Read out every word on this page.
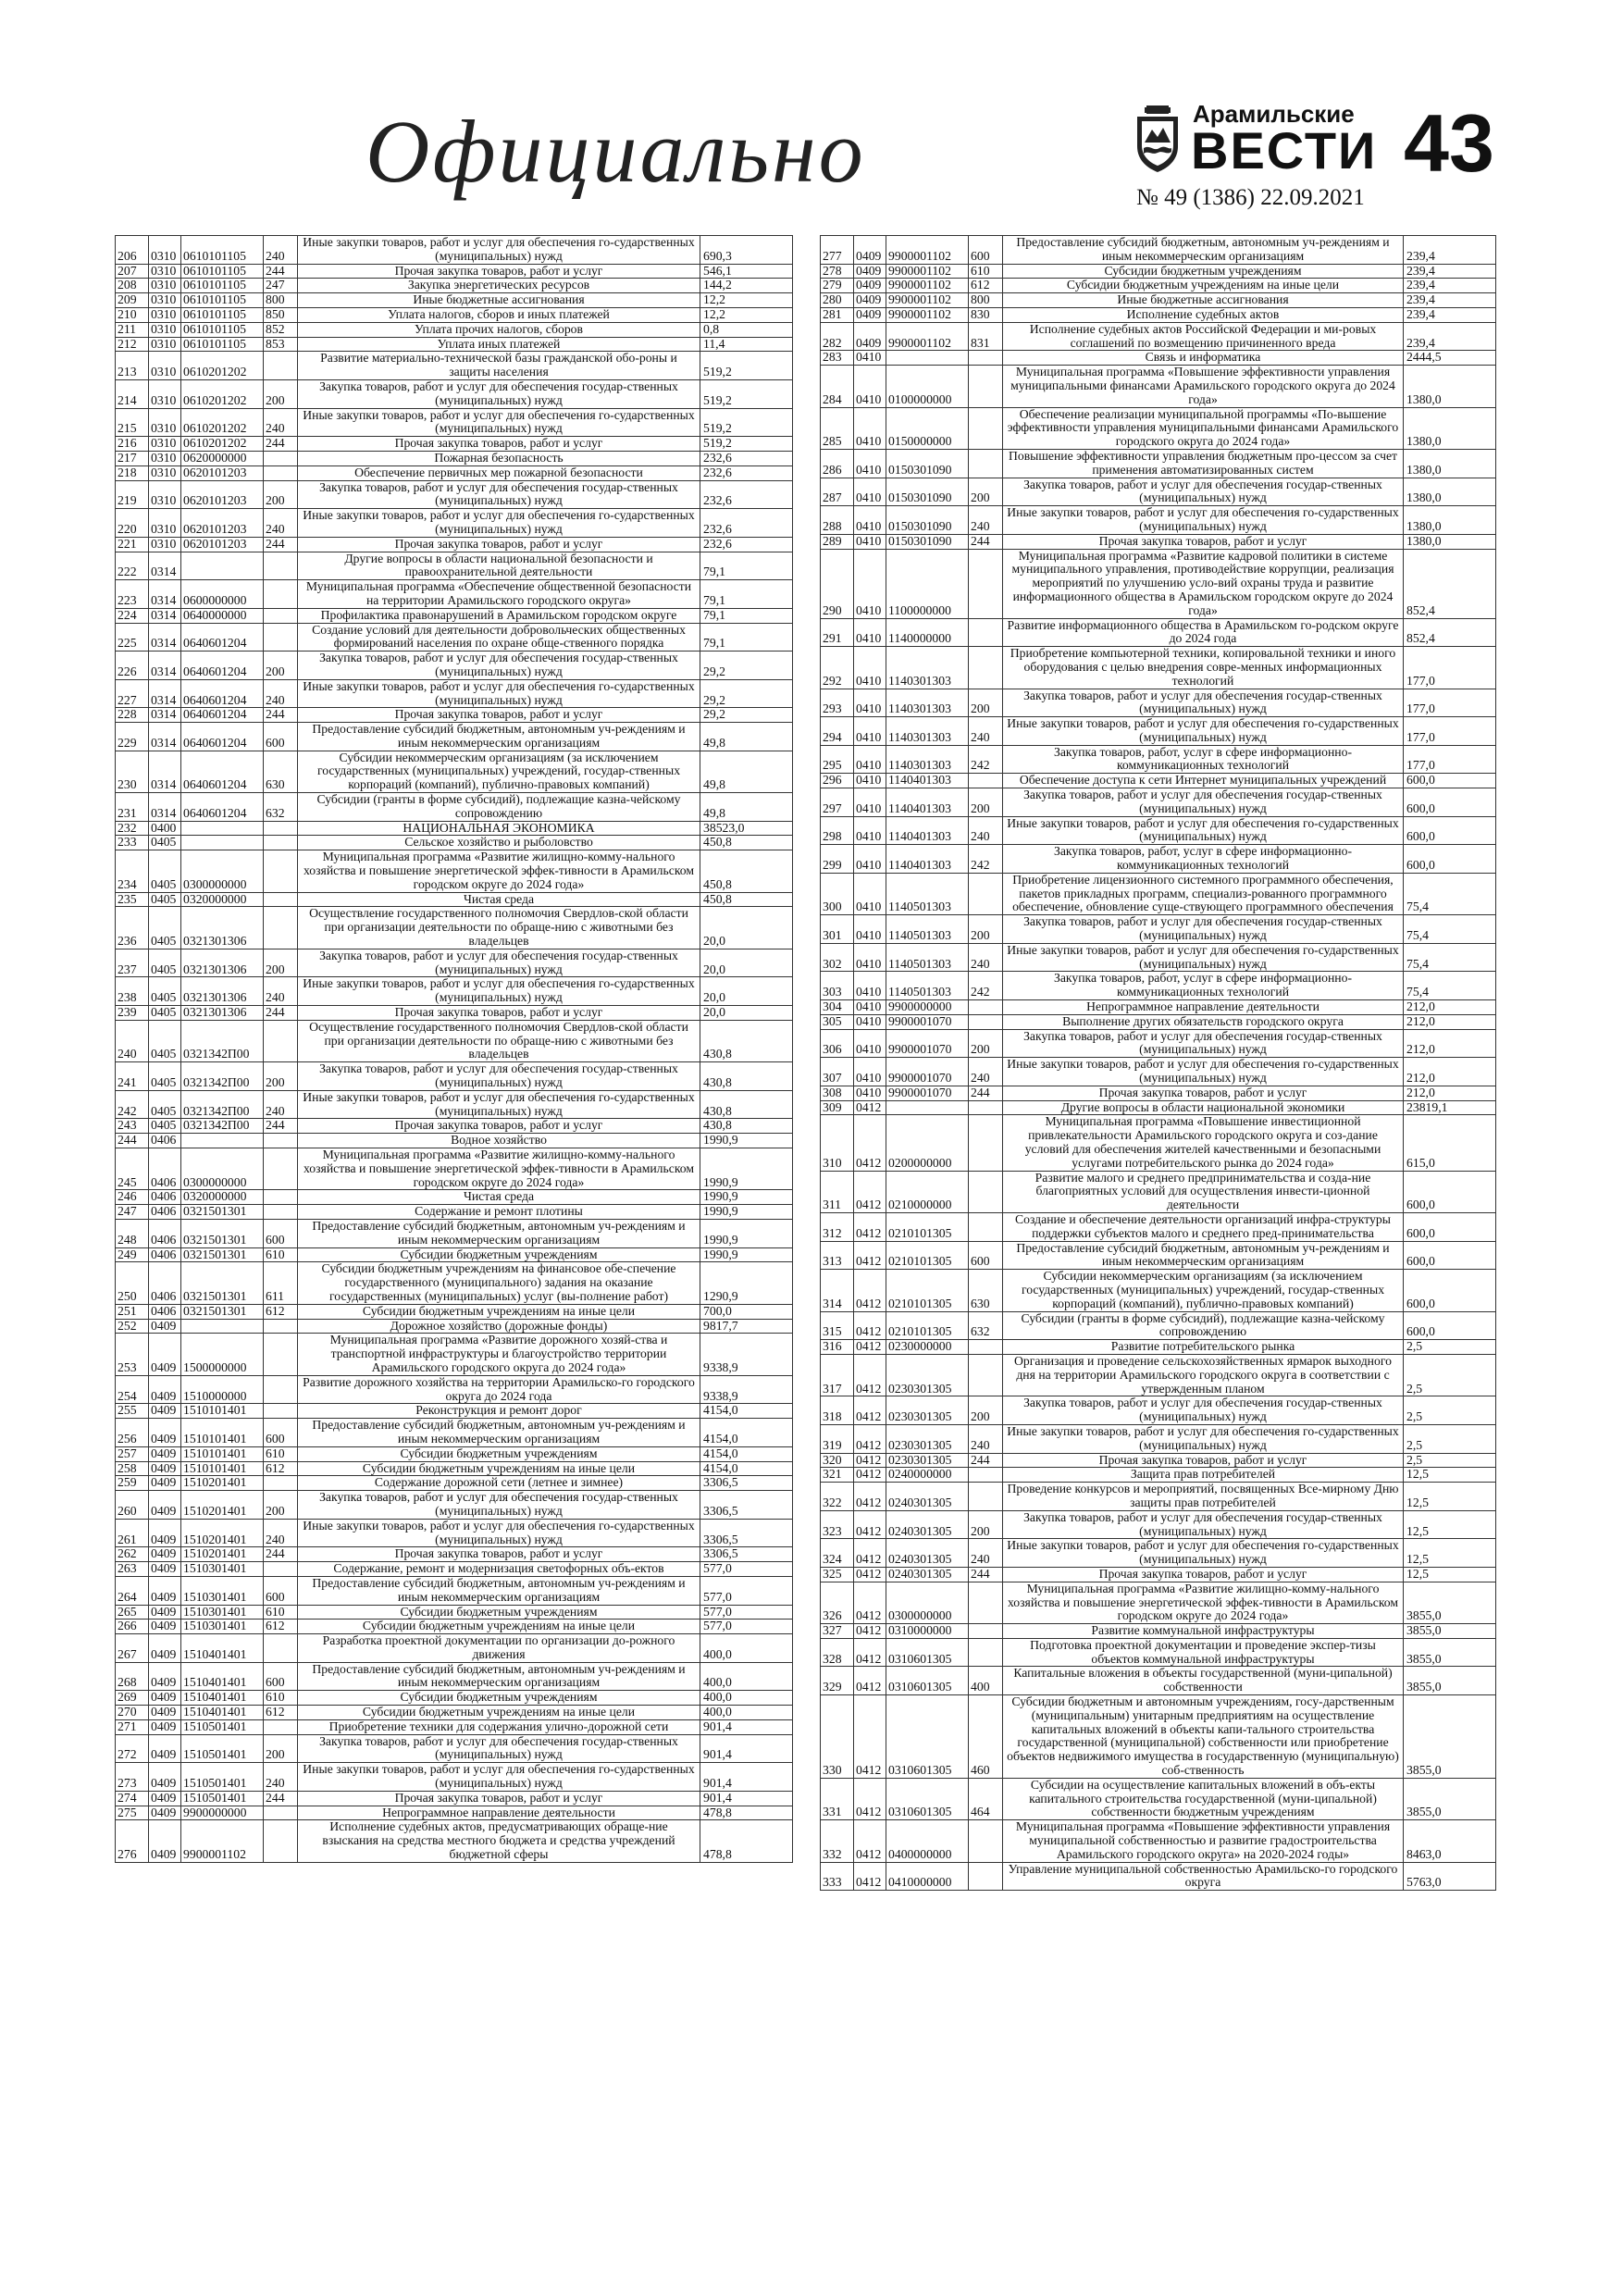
Официально	Арамильские
ВЕСТИ
№ 49 (1386) 22.09.2021
43
206	0310	0610101105	240	Иные закупки товаров, работ и услуг для обеспечения го-сударственных (муниципальных) нужд	690,3
207	0310	0610101105	244	Прочая закупка товаров, работ и услуг	546,1
208	0310	0610101105	247	Закупка энергетических ресурсов	144,2
209	0310	0610101105	800	Иные бюджетные ассигнования	12,2
210	0310	0610101105	850	Уплата налогов, сборов и иных платежей	12,2
211	0310	0610101105	852	Уплата прочих налогов, сборов	0,8
212	0310	0610101105	853	Уплата иных платежей	11,4
213	0310	0610201202		Развитие материально-технической базы гражданской обо-роны и защиты населения	519,2
214	0310	0610201202	200	Закупка товаров, работ и услуг для обеспечения государ-ственных (муниципальных) нужд	519,2
215	0310	0610201202	240	Иные закупки товаров, работ и услуг для обеспечения го-сударственных (муниципальных) нужд	519,2
216	0310	0610201202	244	Прочая закупка товаров, работ и услуг	519,2
217	0310	0620000000		Пожарная безопасность	232,6
218	0310	0620101203		Обеспечение первичных мер пожарной безопасности	232,6
219	0310	0620101203	200	Закупка товаров, работ и услуг для обеспечения государ-ственных (муниципальных) нужд	232,6
220	0310	0620101203	240	Иные закупки товаров, работ и услуг для обеспечения го-сударственных (муниципальных) нужд	232,6
221	0310	0620101203	244	Прочая закупка товаров, работ и услуг	232,6
222	0314			Другие вопросы в области национальной безопасности и правоохранительной деятельности	79,1
223	0314	0600000000		Муниципальная программа «Обеспечение общественной безопасности на территории Арамильского городского округа»	79,1
224	0314	0640000000		Профилактика правонарушений в Арамильском городском округе	79,1
225	0314	0640601204		Создание условий для деятельности добровольческих общественных формирований населения по охране обще-ственного порядка	79,1
226	0314	0640601204	200	Закупка товаров, работ и услуг для обеспечения государ-ственных (муниципальных) нужд	29,2
227	0314	0640601204	240	Иные закупки товаров, работ и услуг для обеспечения го-сударственных (муниципальных) нужд	29,2
228	0314	0640601204	244	Прочая закупка товаров, работ и услуг	29,2
229	0314	0640601204	600	Предоставление субсидий бюджетным, автономным уч-реждениям и иным некоммерческим организациям	49,8
230	0314	0640601204	630	Субсидии некоммерческим организациям (за исключением государственных (муниципальных) учреждений, государ-ственных корпораций (компаний), публично-правовых компаний)	49,8
231	0314	0640601204	632	Субсидии (гранты в форме субсидий), подлежащие казна-чейскому сопровождению	49,8
232	0400			НАЦИОНАЛЬНАЯ ЭКОНОМИКА	38523,0
233	0405			Сельское хозяйство и рыболовство	450,8
234	0405	0300000000		Муниципальная программа «Развитие жилищно-комму-нального хозяйства и повышение энергетической эффек-тивности в Арамильском городском округе до 2024 года»	450,8
235	0405	0320000000		Чистая среда	450,8
236	0405	0321301306		Осуществление государственного полномочия Свердлов-ской области при организации деятельности по обраще-нию с животными без владельцев	20,0
237	0405	0321301306	200	Закупка товаров, работ и услуг для обеспечения государ-ственных (муниципальных) нужд	20,0
238	0405	0321301306	240	Иные закупки товаров, работ и услуг для обеспечения го-сударственных (муниципальных) нужд	20,0
239	0405	0321301306	244	Прочая закупка товаров, работ и услуг	20,0
240	0405	0321342П00		Осуществление государственного полномочия Свердлов-ской области при организации деятельности по обраще-нию с животными без владельцев	430,8
241	0405	0321342П00	200	Закупка товаров, работ и услуг для обеспечения государ-ственных (муниципальных) нужд	430,8
242	0405	0321342П00	240	Иные закупки товаров, работ и услуг для обеспечения го-сударственных (муниципальных) нужд	430,8
243	0405	0321342П00	244	Прочая закупка товаров, работ и услуг	430,8
244	0406			Водное хозяйство	1990,9
245	0406	0300000000		Муниципальная программа «Развитие жилищно-комму-нального хозяйства и повышение энергетической эффек-тивности в Арамильском городском округе до 2024 года»	1990,9
246	0406	0320000000		Чистая среда	1990,9
247	0406	0321501301		Содержание и ремонт плотины	1990,9
248	0406	0321501301	600	Предоставление субсидий бюджетным, автономным уч-реждениям и иным некоммерческим организациям	1990,9
249	0406	0321501301	610	Субсидии бюджетным учреждениям	1990,9
250	0406	0321501301	611	Субсидии бюджетным учреждениям на финансовое обе-спечение государственного (муниципального) задания на оказание государственных (муниципальных) услуг (вы-полнение работ)	1290,9
251	0406	0321501301	612	Субсидии бюджетным учреждениям на иные цели	700,0
252	0409			Дорожное хозяйство (дорожные фонды)	9817,7
253	0409	1500000000		Муниципальная программа «Развитие дорожного хозяй-ства и транспортной инфраструктуры и благоустройство территории Арамильского городского округа до 2024 года»	9338,9
254	0409	1510000000		Развитие дорожного хозяйства на территории Арамильско-го городского округа до 2024 года	9338,9
255	0409	1510101401		Реконструкция и ремонт дорог	4154,0
256	0409	1510101401	600	Предоставление субсидий бюджетным, автономным уч-реждениям и иным некоммерческим организациям	4154,0
257	0409	1510101401	610	Субсидии бюджетным учреждениям	4154,0
258	0409	1510101401	612	Субсидии бюджетным учреждениям на иные цели	4154,0
259	0409	1510201401		Содержание дорожной сети (летнее и зимнее)	3306,5
260	0409	1510201401	200	Закупка товаров, работ и услуг для обеспечения государ-ственных (муниципальных) нужд	3306,5
261	0409	1510201401	240	Иные закупки товаров, работ и услуг для обеспечения го-сударственных (муниципальных) нужд	3306,5
262	0409	1510201401	244	Прочая закупка товаров, работ и услуг	3306,5
263	0409	1510301401		Содержание, ремонт и модернизация светофорных объ-ектов	577,0
264	0409	1510301401	600	Предоставление субсидий бюджетным, автономным уч-реждениям и иным некоммерческим организациям	577,0
265	0409	1510301401	610	Субсидии бюджетным учреждениям	577,0
266	0409	1510301401	612	Субсидии бюджетным учреждениям на иные цели	577,0
267	0409	1510401401		Разработка проектной документации по организации до-рожного движения	400,0
268	0409	1510401401	600	Предоставление субсидий бюджетным, автономным уч-реждениям и иным некоммерческим организациям	400,0
269	0409	1510401401	610	Субсидии бюджетным учреждениям	400,0
270	0409	1510401401	612	Субсидии бюджетным учреждениям на иные цели	400,0
271	0409	1510501401		Приобретение техники для содержания улично-дорожной сети	901,4
272	0409	1510501401	200	Закупка товаров, работ и услуг для обеспечения государ-ственных (муниципальных) нужд	901,4
273	0409	1510501401	240	Иные закупки товаров, работ и услуг для обеспечения го-сударственных (муниципальных) нужд	901,4
274	0409	1510501401	244	Прочая закупка товаров, работ и услуг	901,4
275	0409	9900000000		Непрограммное направление деятельности	478,8
276	0409	9900001102		Исполнение судебных актов, предусматривающих обраще-ние взыскания на средства местного бюджета и средства учреждений бюджетной сферы	478,8
277	0409	9900001102	600	Предоставление субсидий бюджетным, автономным уч-реждениям и иным некоммерческим организациям	239,4
278	0409	9900001102	610	Субсидии бюджетным учреждениям	239,4
279	0409	9900001102	612	Субсидии бюджетным учреждениям на иные цели	239,4
280	0409	9900001102	800	Иные бюджетные ассигнования	239,4
281	0409	9900001102	830	Исполнение судебных актов	239,4
282	0409	9900001102	831	Исполнение судебных актов Российской Федерации и ми-ровых соглашений по возмещению причиненного вреда	239,4
283	0410			Связь и информатика	2444,5
284	0410	0100000000		Муниципальная программа «Повышение эффективности управления муниципальными финансами Арамильского городского округа до 2024 года»	1380,0
285	0410	0150000000		Обеспечение реализации муниципальной программы «По-вышение эффективности управления муниципальными финансами Арамильского городского округа до 2024 года»	1380,0
286	0410	0150301090		Повышение эффективности управления бюджетным про-цессом за счет применения автоматизированных систем	1380,0
287	0410	0150301090	200	Закупка товаров, работ и услуг для обеспечения государ-ственных (муниципальных) нужд	1380,0
288	0410	0150301090	240	Иные закупки товаров, работ и услуг для обеспечения го-сударственных (муниципальных) нужд	1380,0
289	0410	0150301090	244	Прочая закупка товаров, работ и услуг	1380,0
290	0410	1100000000		Муниципальная программа «Развитие кадровой политики в системе муниципального управления, противодействие коррупции, реализация мероприятий по улучшению усло-вий охраны труда и развитие информационного общества в Арамильском городском округе до 2024 года»	852,4
291	0410	1140000000		Развитие информационного общества в Арамильском го-родском округе до 2024 года	852,4
292	0410	1140301303		Приобретение компьютерной техники, копировальной техники и иного оборудования с целью внедрения совре-менных информационных технологий	177,0
293	0410	1140301303	200	Закупка товаров, работ и услуг для обеспечения государ-ственных (муниципальных) нужд	177,0
294	0410	1140301303	240	Иные закупки товаров, работ и услуг для обеспечения го-сударственных (муниципальных) нужд	177,0
295	0410	1140301303	242	Закупка товаров, работ, услуг в сфере информационно-коммуникационных технологий	177,0
296	0410	1140401303		Обеспечение доступа к сети Интернет муниципальных учреждений	600,0
297	0410	1140401303	200	Закупка товаров, работ и услуг для обеспечения государ-ственных (муниципальных) нужд	600,0
298	0410	1140401303	240	Иные закупки товаров, работ и услуг для обеспечения го-сударственных (муниципальных) нужд	600,0
299	0410	1140401303	242	Закупка товаров, работ, услуг в сфере информационно-коммуникационных технологий	600,0
300	0410	1140501303		Приобретение лицензионного системного программного обеспечения, пакетов прикладных программ, специализ-рованного программного обеспечение, обновление суще-ствующего программного обеспечения	75,4
301	0410	1140501303	200	Закупка товаров, работ и услуг для обеспечения государ-ственных (муниципальных) нужд	75,4
302	0410	1140501303	240	Иные закупки товаров, работ и услуг для обеспечения го-сударственных (муниципальных) нужд	75,4
303	0410	1140501303	242	Закупка товаров, работ, услуг в сфере информационно-коммуникационных технологий	75,4
304	0410	9900000000		Непрограммное направление деятельности	212,0
305	0410	9900001070		Выполнение других обязательств городского округа	212,0
306	0410	9900001070	200	Закупка товаров, работ и услуг для обеспечения государ-ственных (муниципальных) нужд	212,0
307	0410	9900001070	240	Иные закупки товаров, работ и услуг для обеспечения го-сударственных (муниципальных) нужд	212,0
308	0410	9900001070	244	Прочая закупка товаров, работ и услуг	212,0
309	0412			Другие вопросы в области национальной экономики	23819,1
310	0412	0200000000		Муниципальная программа «Повышение инвестиционной привлекательности Арамильского городского округа и соз-дание условий для обеспечения жителей качественными и безопасными услугами потребительского рынка до 2024 года»	615,0
311	0412	0210000000		Развитие малого и среднего предпринимательства и созда-ние благоприятных условий для осуществления инвести-ционной деятельности	600,0
312	0412	0210101305		Создание и обеспечение деятельности организаций инфра-структуры поддержки субъектов малого и среднего пред-принимательства	600,0
313	0412	0210101305	600	Предоставление субсидий бюджетным, автономным уч-реждениям и иным некоммерческим организациям	600,0
314	0412	0210101305	630	Субсидии некоммерческим организациям (за исключением государственных (муниципальных) учреждений, государ-ственных корпораций (компаний), публично-правовых компаний)	600,0
315	0412	0210101305	632	Субсидии (гранты в форме субсидий), подлежащие казна-чейскому сопровождению	600,0
316	0412	0230000000		Развитие потребительского рынка	2,5
317	0412	0230301305		Организация и проведение сельскохозяйственных ярмарок выходного дня на территории Арамильского городского округа в соответствии с утвержденным планом	2,5
318	0412	0230301305	200	Закупка товаров, работ и услуг для обеспечения государ-ственных (муниципальных) нужд	2,5
319	0412	0230301305	240	Иные закупки товаров, работ и услуг для обеспечения го-сударственных (муниципальных) нужд	2,5
320	0412	0230301305	244	Прочая закупка товаров, работ и услуг	2,5
321	0412	0240000000		Защита прав потребителей	12,5
322	0412	0240301305		Проведение конкурсов и мероприятий, посвященных Все-мирному Дню защиты прав потребителей	12,5
323	0412	0240301305	200	Закупка товаров, работ и услуг для обеспечения государ-ственных (муниципальных) нужд	12,5
324	0412	0240301305	240	Иные закупки товаров, работ и услуг для обеспечения го-сударственных (муниципальных) нужд	12,5
325	0412	0240301305	244	Прочая закупка товаров, работ и услуг	12,5
326	0412	0300000000		Муниципальная программа «Развитие жилищно-комму-нального хозяйства и повышение энергетической эффек-тивности в Арамильском городском округе до 2024 года»	3855,0
327	0412	0310000000		Развитие коммунальной инфраструктуры	3855,0
328	0412	0310601305		Подготовка проектной документации и проведение экспер-тизы объектов коммунальной инфраструктуры	3855,0
329	0412	0310601305	400	Капитальные вложения в объекты государственной (муни-ципальной) собственности	3855,0
330	0412	0310601305	460	Субсидии бюджетным и автономным учреждениям, госу-дарственным (муниципальным) унитарным предприятиям на осуществление капитальных вложений в объекты капи-тального строительства государственной (муниципальной) собственности или приобретение объектов недвижимого имущества в государственную (муниципальную) соб-ственность	3855,0
331	0412	0310601305	464	Субсидии на осуществление капитальных вложений в объ-екты капитального строительства государственной (муни-ципальной) собственности бюджетным учреждениям	3855,0
332	0412	0400000000		Муниципальная программа «Повышение эффективности управления муниципальной собственностью и развитие градостроительства Арамильского городского округа» на 2020-2024 годы»	8463,0
333	0412	0410000000		Управление муниципальной собственностью Арамильско-го городского округа	5763,0
